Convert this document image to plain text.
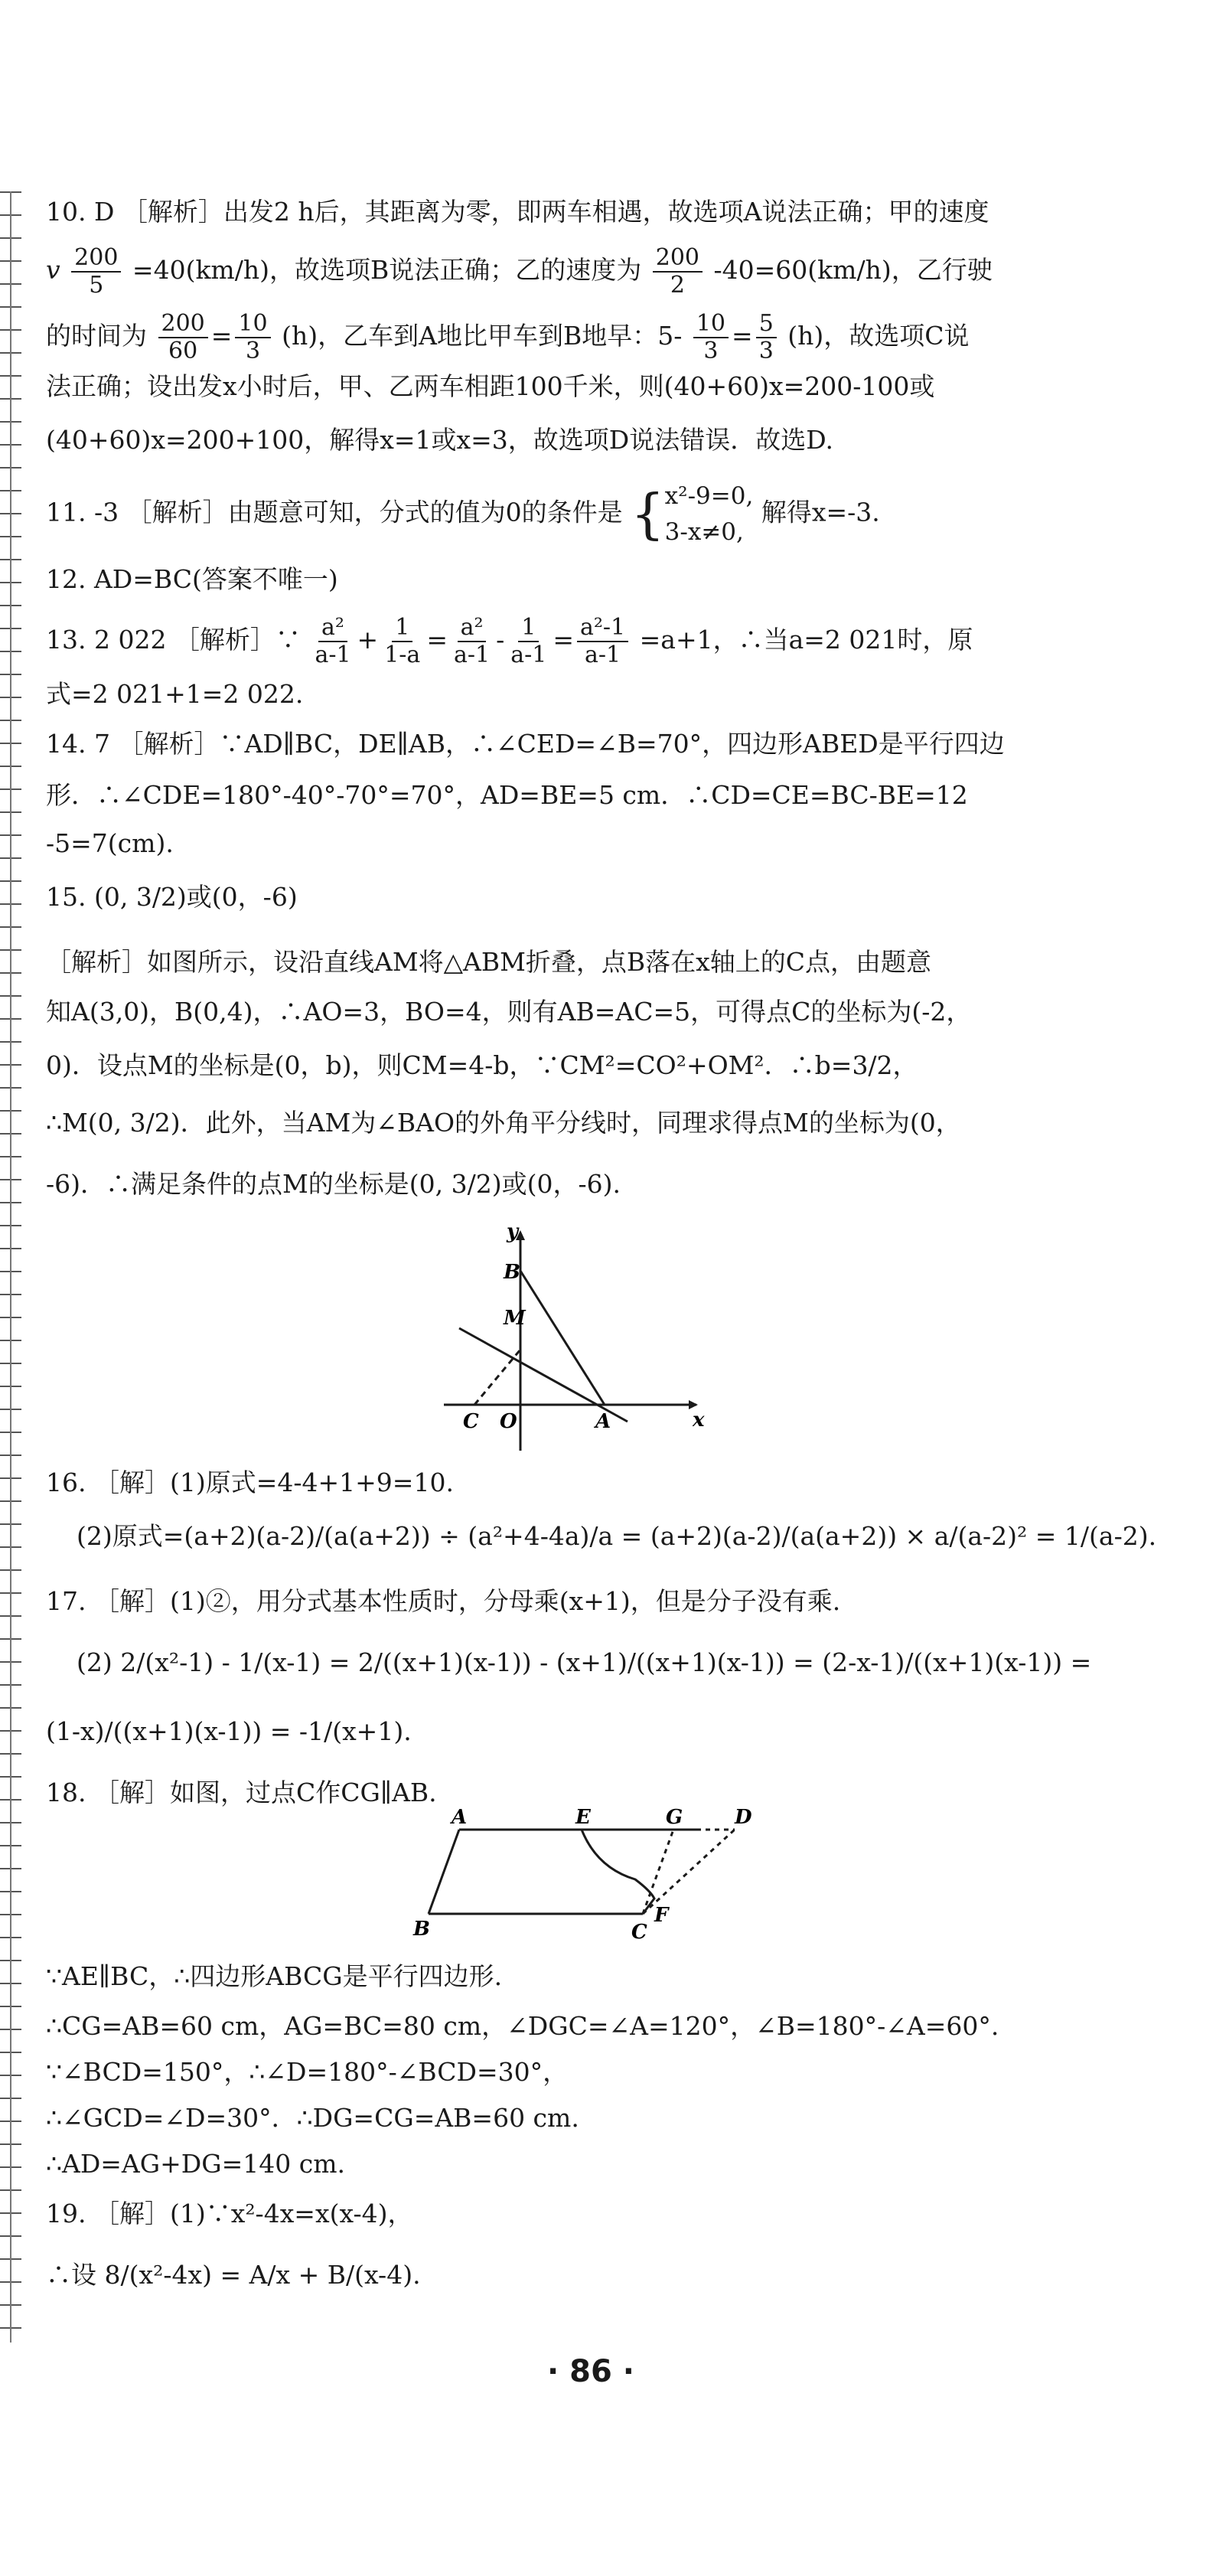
10. D ［解析］出发2 h后，其距离为零，即两车相遇，故选项A说法正确；甲的速度
v $\frac{200}{5} =40(km/h)$，故选项B说法正确；乙的速度为 $\frac{200}{2} -40=60(km/h)$，乙行驶
的时间为 $\frac{200}{60} = \frac{10}{3} (h)$，乙车到A地比甲车到B地早：$5- \frac{10}{3} = \frac{5}{3} (h)$，故选项C说
法正确；设出发x小时后，甲、乙两车相距100千米，则(40+60)x=200-100或
(40+60)x=200+100，解得x=1或x=3，故选项D说法错误．故选D.
11. -3 ［解析］由题意可知，分式的值为0的条件是 { x²-9=0,
3-x≠0,
解得x=-3.
12. AD=BC(答案不唯一)
13. 2 022 ［解析］∵ $\frac{\text{a²}}{a-1} + \frac{1}{1-a} = \frac{\text{a²}}{a-1} - \frac{1}{a-1} = \frac{\text{a²-1}}{a-1} =a+1$，∴当a=2 021时，原
式=2 021+1=2 022.
14. 7 ［解析］∵AD∥BC，DE∥AB，∴∠CED=∠B=70°，四边形ABED是平行四边
形．∴∠CDE=180°-40°-70°=70°，AD=BE=5 cm．∴CD=CE=BC-BE=12
-5=7(cm).
15. (0, 3/2)或(0，-6)
［解析］如图所示，设沿直线AM将△ABM折叠，点B落在x轴上的C点，由题意
知A(3,0)，B(0,4)，∴AO=3，BO=4，则有AB=AC=5，可得点C的坐标为(-2，
0)．设点M的坐标是(0，b)，则CM=4-b，∵CM²=CO²+OM²．∴b=3/2，
∴M(0, 3/2)．此外，当AM为∠BAO的外角平分线时，同理求得点M的坐标为(0，
-6)．∴满足条件的点M的坐标是(0, 3/2)或(0，-6).
y
x
B
M
C O	A
16. ［解］(1)原式=4-4+1+9=10.
(2)原式=(a+2)(a-2)/(a(a+2)) ÷ (a²+4-4a)/a = (a+2)(a-2)/(a(a+2)) × a/(a-2)² = 1/(a-2).
17. ［解］(1)②，用分式基本性质时，分母乘(x+1)，但是分子没有乘.
(2) 2/(x²-1) - 1/(x-1) = 2/((x+1)(x-1)) - (x+1)/((x+1)(x-1)) = (2-x-1)/((x+1)(x-1)) =
(1-x)/((x+1)(x-1)) = -1/(x+1).
18. ［解］如图，过点C作CG∥AB.
A	E	G	D
B	C
F
∵AE∥BC，∴四边形ABCG是平行四边形.
∴CG=AB=60 cm，AG=BC=80 cm，∠DGC=∠A=120°，∠B=180°-∠A=60°.
∵∠BCD=150°，∴∠D=180°-∠BCD=30°，
∴∠GCD=∠D=30°．∴DG=CG=AB=60 cm.
∴AD=AG+DG=140 cm.
19. ［解］(1)∵x²-4x=x(x-4)，
∴设 8/(x²-4x) = A/x + B/(x-4).
· 86 ·
